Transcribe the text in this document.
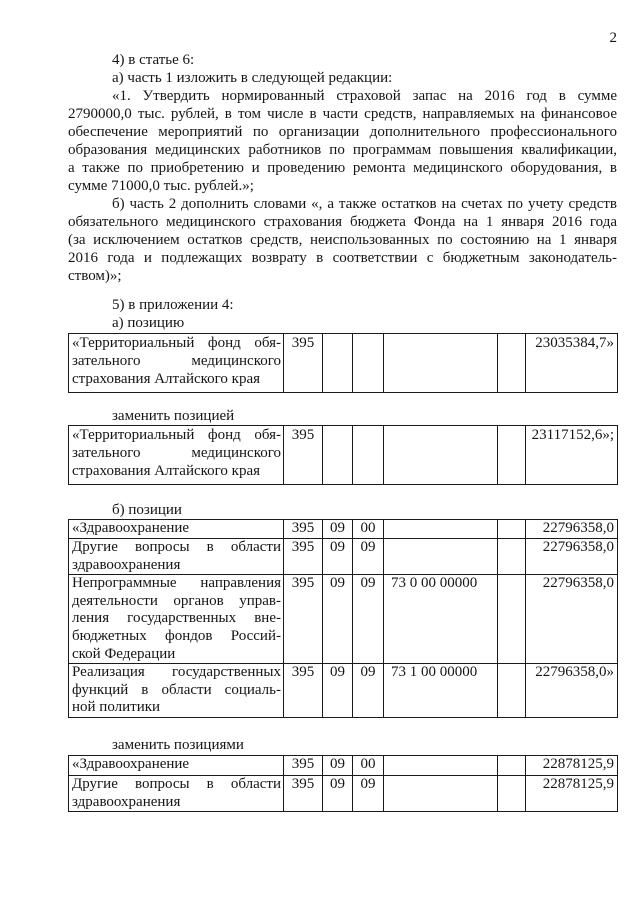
2
4) в статье 6:
а) часть 1 изложить в следующей редакции:
«1. Утвердить нормированный страховой запас на 2016 год в сумме
2790000,0 тыс. рублей, в том числе в части средств, направляемых на финансовое
обеспечение мероприятий по организации дополнительного профессионального
образования медицинских работников по программам повышения квалификации,
а также по приобретению и проведению ремонта медицинского оборудования, в
сумме 71000,0 тыс. рублей.»;
б) часть 2 дополнить словами «, а также остатков на счетах по учету средств
обязательного медицинского страхования бюджета Фонда на 1 января 2016 года
(за исключением остатков средств, неиспользованных по состоянию на 1 января
2016 года и подлежащих возврату в соответствии с бюджетным законодатель-
ством)»;
5) в приложении 4:
а) позицию
«Территориальный фонд обя-
зательного медицинского
страхования Алтайского края
	395					23035384,7»
заменить позицией
«Территориальный фонд обя-
зательного медицинского
страхования Алтайского края
	395					23117152,6»;
б) позиции
«Здравоохранение	395	09	00			22796358,0

Другие вопросы в области
здравоохранения	395	09	09			22796358,0

Непрограммные направления
деятельности органов управ-
ления государственных вне-
бюджетных фондов Россий-
ской Федерации	395	09	09	73 0 00 00000		22796358,0

Реализация государственных
функций в области социаль-
ной политики	395	09	09	73 1 00 00000		22796358,0»
заменить позициями
«Здравоохранение	395	09	00			22878125,9

Другие вопросы в области
здравоохранения	395	09	09			22878125,9
